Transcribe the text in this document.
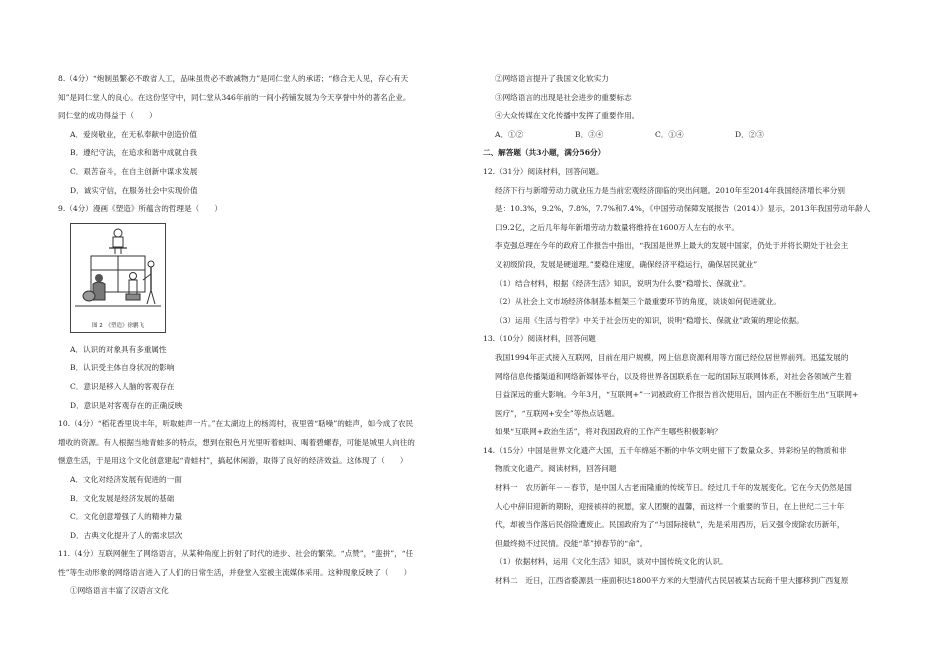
8.（4分）“炮制虽繁必不敢省人工，品味虽贵必不敢减物力”是同仁堂人的承诺；“修合无人见，存心有天

知”是同仁堂人的良心。在这份坚守中，同仁堂从346年前的一间小药铺发展为今天享誉中外的著名企业。

同仁堂的成功得益于（　　）

A．爱岗敬业，在无私奉献中创造价值

B．遵纪守法，在追求和谐中成就自我

C．艰苦奋斗，在自主创新中谋求发展

D．诚实守信，在服务社会中实现价值

9.（4分）漫画《塑造》所蕴含的哲理是（　　）

图 2　《塑造》徐鹏飞

A．认识的对象具有多重属性

B．认识受主体自身状况的影响

C．意识是移入人脑的客观存在

D．意识是对客观存在的正确反映

10.（4分）“稻花香里说丰年，听取蛙声一片。”在太湖边上的杨湾村，夜里曾“聒噪”的蛙声，如今成了农民

增收的资源。有人根据当地青蛙多的特点，想到在银色月光里听着蛙叫、喝着碧螺春，可能是城里人向往的

惬意生活，于是用这个文化创意建起“青蛙村”，搞起休闲游，取得了良好的经济效益。这体现了（　　）

A．文化对经济发展有促进的一面

B．文化发展是经济发展的基础

C．文化创意增强了人的精神力量

D．古典文化提升了人的需求层次

11.（4分）互联网催生了网络语言，从某种角度上折射了时代的进步、社会的繁荣。“点赞”，“蛮拼”，“任

性”等生动形象的网络语言进入了人们的日常生活，并登堂入室被主流媒体采用。这种现象反映了（　　）

①网络语言丰富了汉语言文化

②网络语言提升了我国文化软实力

③网络语言的出现是社会进步的重要标志

④大众传媒在文化传播中发挥了重要作用。

A．①②	B．③④	C．①④	D．②③

二、解答题（共3小题，满分56分）

12.（31分）阅读材料，回答问题。

经济下行与新增劳动力就业压力是当前宏观经济面临的突出问题。2010年至2014年我国经济增长率分别

是：10.3%，9.2%，7.8%，7.7%和7.4%，《中国劳动保障发展报告（2014）》显示，2013年我国劳动年龄人

口9.2亿，之后几年每年新增劳动力数量将维持在1600万人左右的水平。

李克强总理在今年的政府工作报告中指出，“我国是世界上最大的发展中国家，仍处于并将长期处于社会主

义初级阶段，发展是硬道理。”要稳住速度，确保经济平稳运行，确保居民就业”

（1）结合材料，根据《经济生活》知识，说明为什么要“稳增长、保就业”。

（2）从社会上文市场经济体制基本框架三个最重要环节的角度，谈谈如何促进就业。

（3）运用《生活与哲学》中关于社会历史的知识，说明“稳增长、保就业”政策的理论依据。

13.（10分）阅读材料，回答问题

我国1994年正式接入互联网，目前在用户规模，网上信息资源利用等方面已经位居世界前列。迅猛发展的

网络信息传播渠道和网络新媒体平台，以及将世界各国联系在一起的国际互联网体系，对社会各领域产生着

日益深远的重大影响。今年3月，“互联网+”一词被政府工作报告首次使用后，国内正在不断衍生出“互联网+

医疗”，“互联网+安全”等热点话题。

如果“互联网+政治生活”，将对我国政府的工作产生哪些积极影响？

14.（15分）中国是世界文化遗产大国，五千年绵延不断的中华文明史留下了数量众多、异彩纷呈的物质和非

物质文化遗产。阅读材料，回答问题

材料一　农历新年－－春节，是中国人古老而隆重的传统节日。经过几千年的发展变化。它在今天仍然是国

人心中辞旧迎新的期盼，迎接祯祥的祝愿，家人团聚的温馨，而这样一个重要的节日，在上世纪二三十年

代，却被当作落后民俗险遭废止。民国政府为了“与国际接轨”，先是采用西历，后又强令废除农历新年，

但最终拗不过民情。没能“革”掉春节的“命”。

（1）依据材料，运用《文化生活》知识，谈对中国传统文化的认识。

材料二　近日，江西省婺源县一座面积达1800平方米的大型清代古民居被某古玩商千里大挪移到广西复原
